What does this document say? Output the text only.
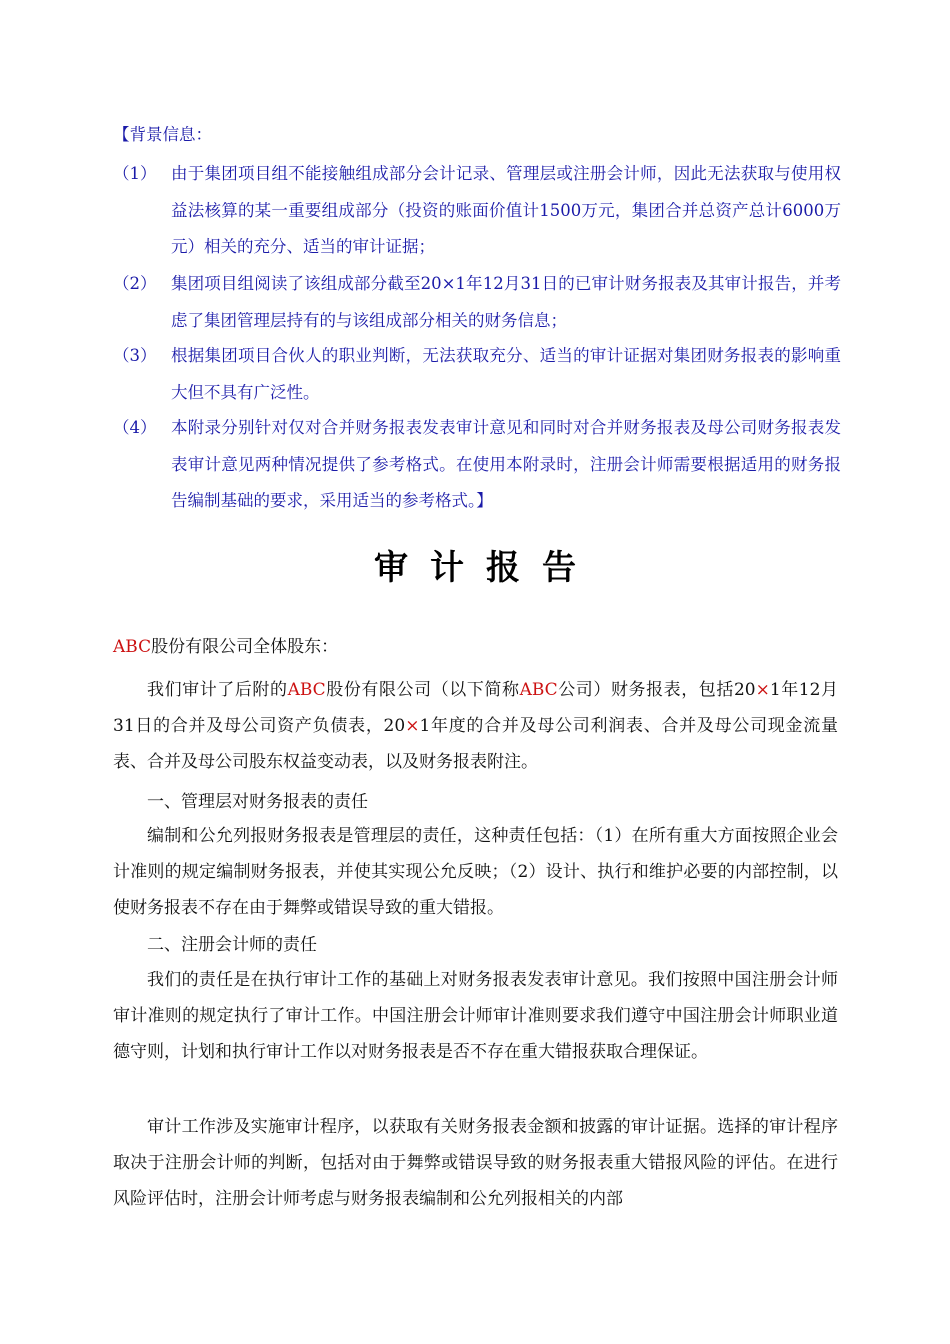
【背景信息：
（1） 由于集团项目组不能接触组成部分会计记录、管理层或注册会计师，因此无法获取与使用权益法核算的某一重要组成部分（投资的账面价值计1500万元，集团合并总资产总计6000万元）相关的充分、适当的审计证据；
（2） 集团项目组阅读了该组成部分截至20×1年12月31日的已审计财务报表及其审计报告，并考虑了集团管理层持有的与该组成部分相关的财务信息；
（3） 根据集团项目合伙人的职业判断，无法获取充分、适当的审计证据对集团财务报表的影响重大但不具有广泛性。
（4） 本附录分别针对仅对合并财务报表发表审计意见和同时对合并财务报表及母公司财务报表发表审计意见两种情况提供了参考格式。在使用本附录时，注册会计师需要根据适用的财务报告编制基础的要求，采用适当的参考格式。】
审计报告
ABC股份有限公司全体股东：
我们审计了后附的ABC股份有限公司（以下简称ABC公司）财务报表，包括20×1年12月31日的合并及母公司资产负债表，20×1年度的合并及母公司利润表、合并及母公司现金流量表、合并及母公司股东权益变动表，以及财务报表附注。
一、管理层对财务报表的责任
编制和公允列报财务报表是管理层的责任，这种责任包括：（1）在所有重大方面按照企业会计准则的规定编制财务报表，并使其实现公允反映；（2）设计、执行和维护必要的内部控制，以使财务报表不存在由于舞弊或错误导致的重大错报。
二、注册会计师的责任
我们的责任是在执行审计工作的基础上对财务报表发表审计意见。我们按照中国注册会计师审计准则的规定执行了审计工作。中国注册会计师审计准则要求我们遵守中国注册会计师职业道德守则，计划和执行审计工作以对财务报表是否不存在重大错报获取合理保证。
审计工作涉及实施审计程序，以获取有关财务报表金额和披露的审计证据。选择的审计程序取决于注册会计师的判断，包括对由于舞弊或错误导致的财务报表重大错报风险的评估。在进行风险评估时，注册会计师考虑与财务报表编制和公允列报相关的内部
